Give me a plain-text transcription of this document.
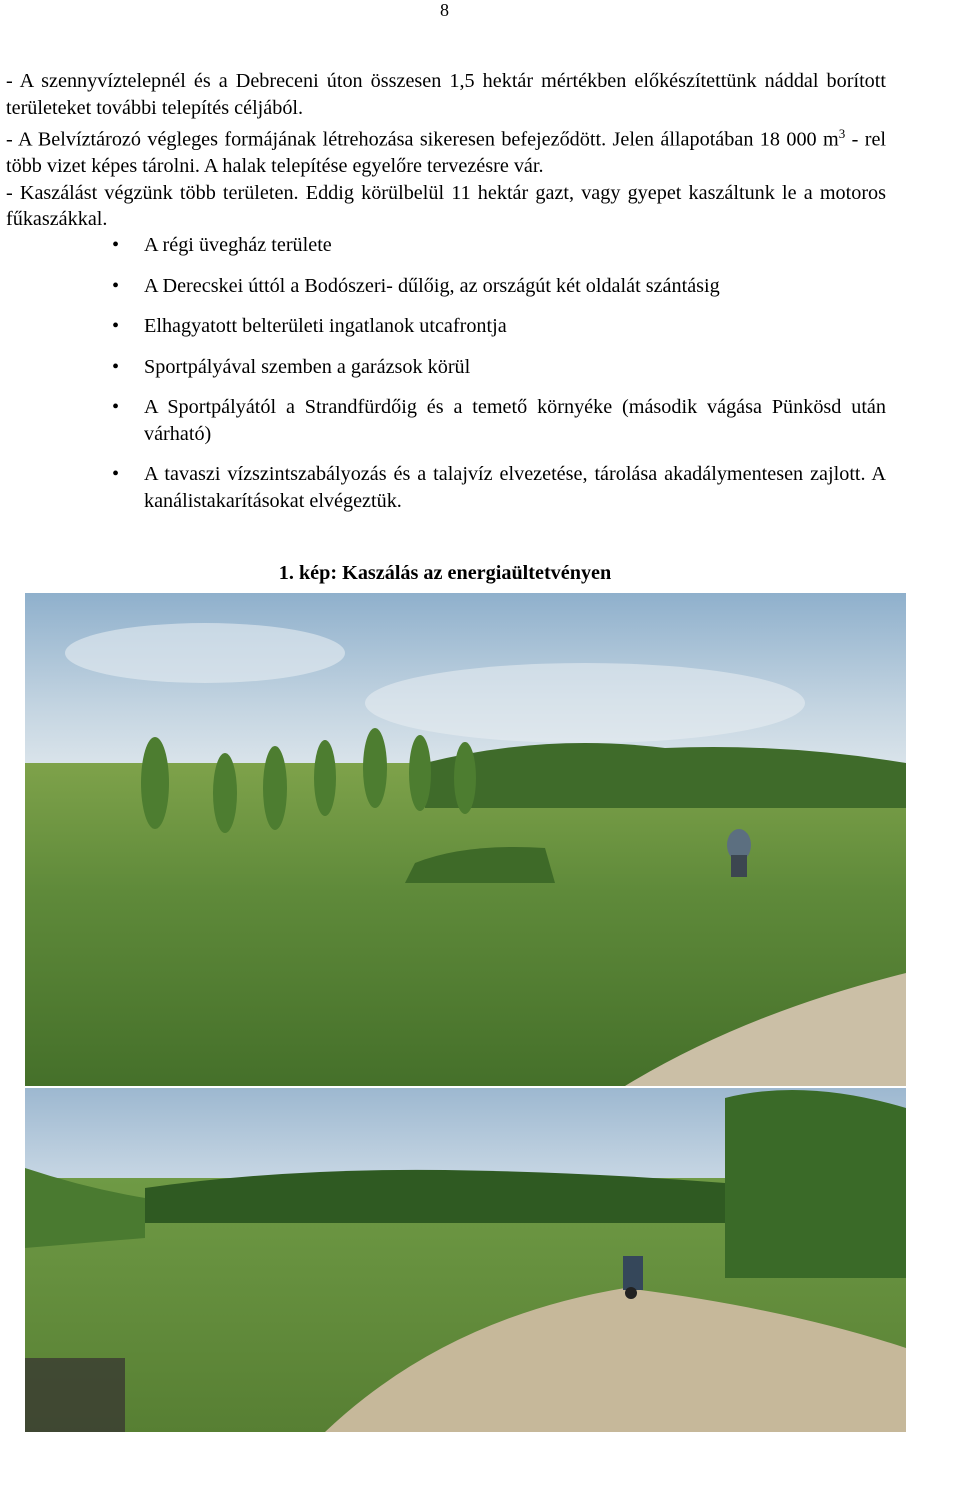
8

- A szennyvíztelepnél és a Debreceni úton összesen 1,5 hektár mértékben előkészítettünk náddal borított területeket további telepítés céljából.

- A Belvíztározó végleges formájának létrehozása sikeresen befejeződött. Jelen állapotában 18 000 $m^3$ - rel több vizet képes tárolni. A halak telepítése egyelőre tervezésre vár.

- Kaszálást végzünk több területen. Eddig körülbelül 11 hektár gazt, vagy gyepet kaszáltunk le a motoros fűkaszákkal.

• A régi üvegház területe
• A Derecskei úttól a Bodószeri- dűlőig, az országút két oldalát szántásig
• Elhagyatott belterületi ingatlanok utcafrontja
• Sportpályával szemben a garázsok körül
• A Sportpályától a Strandfürdőig és a temető környéke (második vágása Pünkösd után várható)
• A tavaszi vízszintszabályozás és a talajvíz elvezetése, tárolása akadálymentesen zajlott. A kanálistakarításokat elvégeztük.
1. kép: Kaszálás az energiaültetvényen
